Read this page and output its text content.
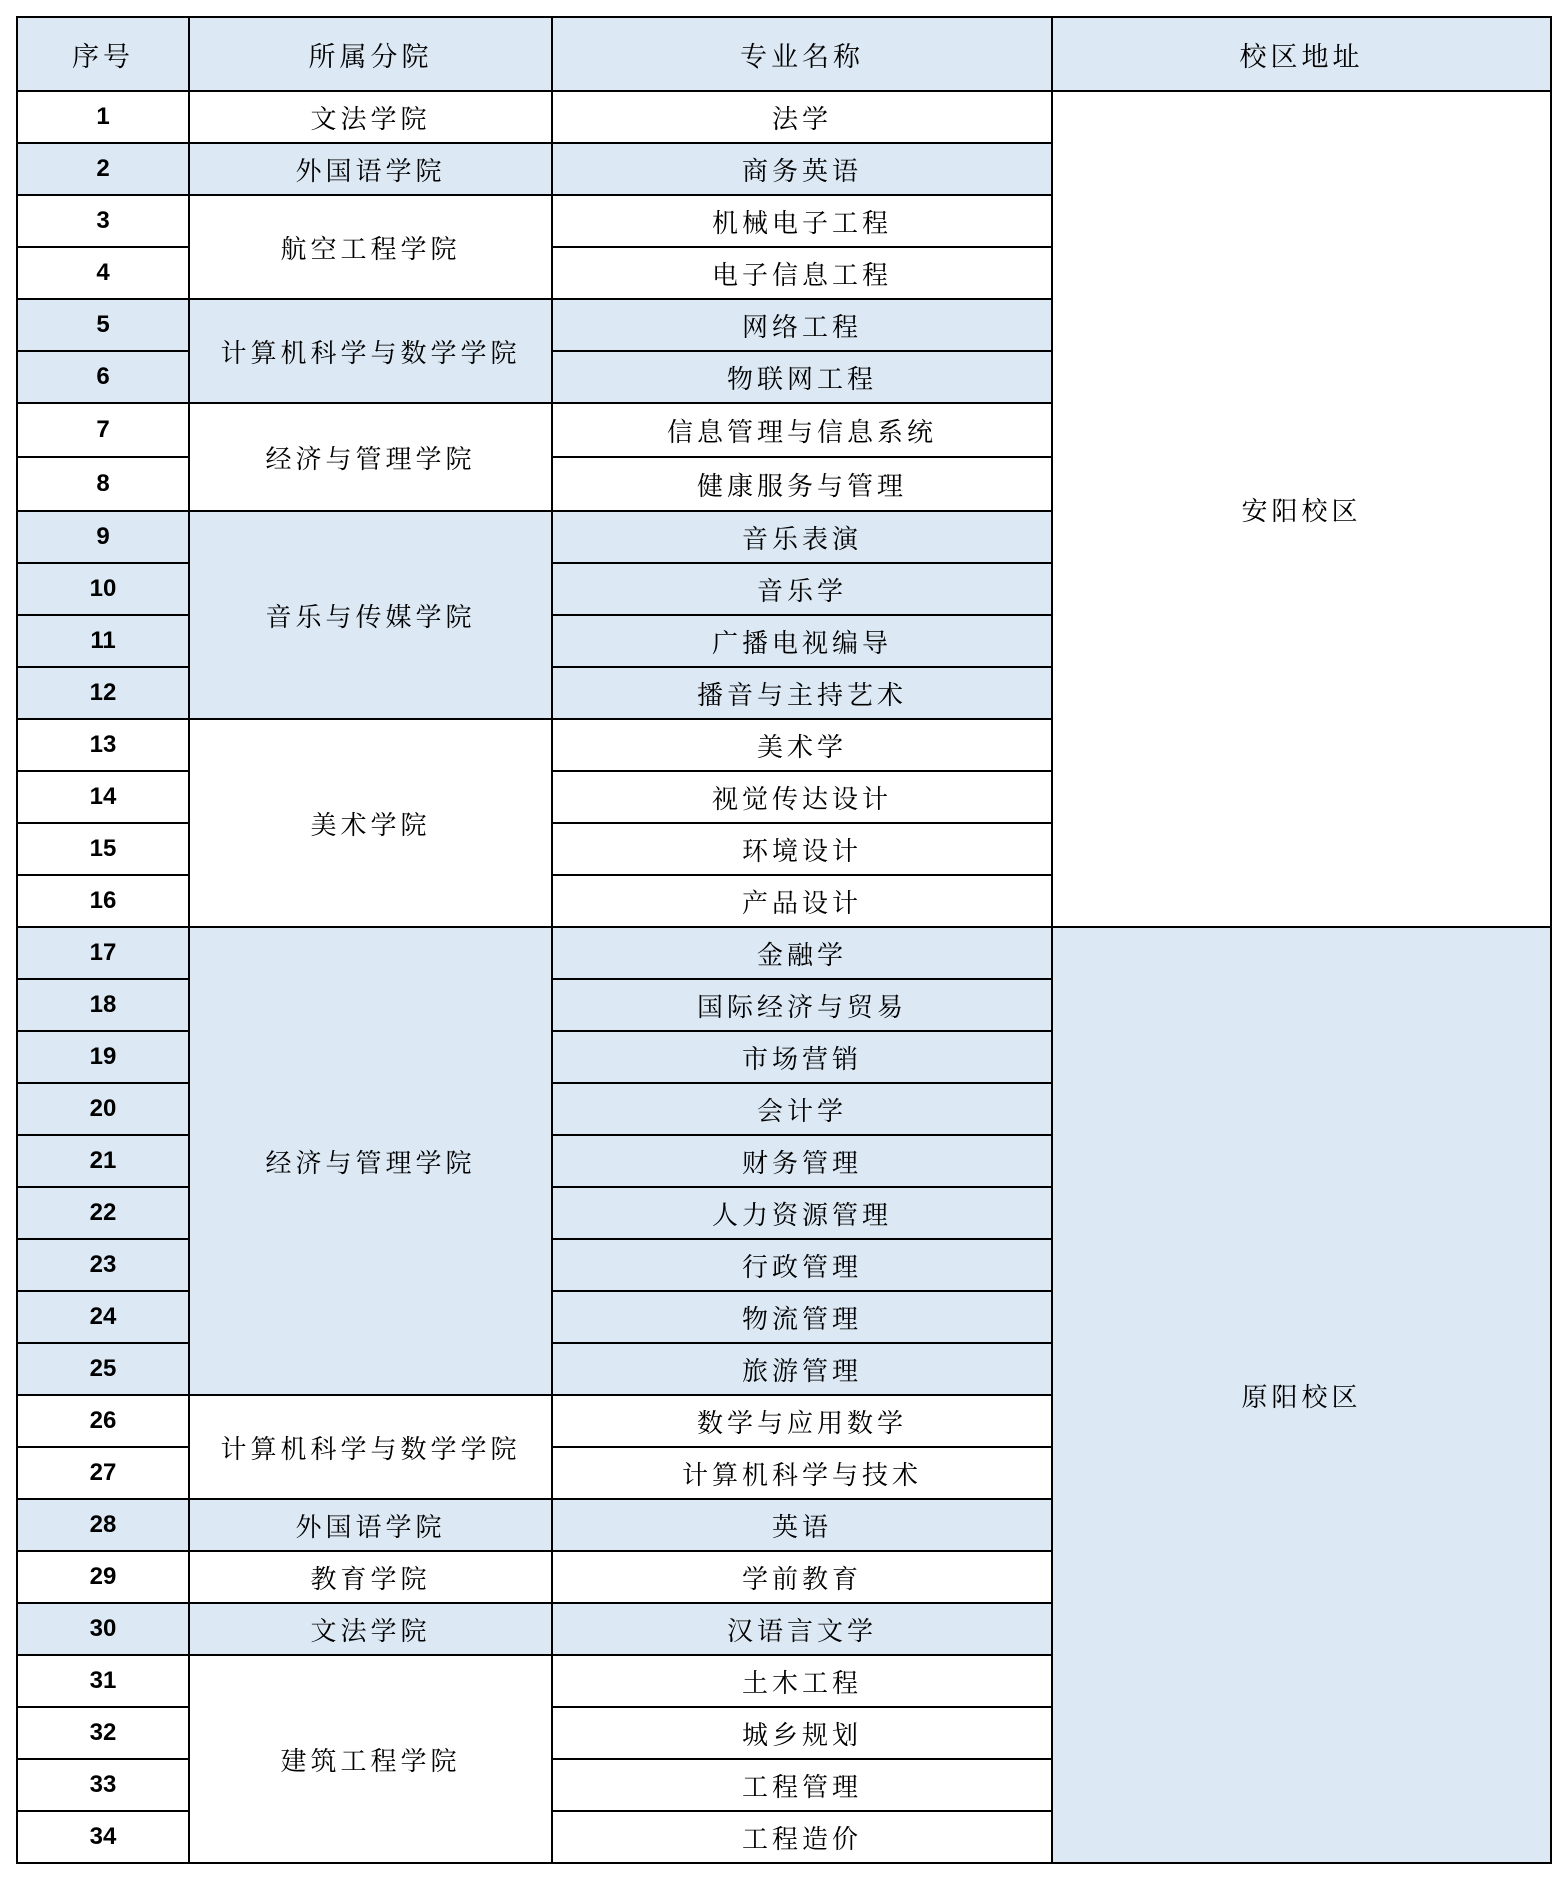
序号	所属分院	专业名称	校区地址
1	文法学院	法学	安阳校区
2	外国语学院	商务英语	
3	航空工程学院	机械电子工程	
4		电子信息工程	
5	计算机科学与数学学院	网络工程	
6		物联网工程	
7	经济与管理学院	信息管理与信息系统	
8		健康服务与管理	
9	音乐与传媒学院	音乐表演	
10		音乐学	
11		广播电视编导	
12		播音与主持艺术	
13	美术学院	美术学	
14		视觉传达设计	
15		环境设计	
16		产品设计	
17	经济与管理学院	金融学	原阳校区
18		国际经济与贸易	
19		市场营销	
20		会计学	
21		财务管理	
22		人力资源管理	
23		行政管理	
24		物流管理	
25		旅游管理	
26	计算机科学与数学学院	数学与应用数学	
27		计算机科学与技术	
28	外国语学院	英语	
29	教育学院	学前教育	
30	文法学院	汉语言文学	
31	建筑工程学院	土木工程	
32		城乡规划	
33		工程管理	
34		工程造价	
